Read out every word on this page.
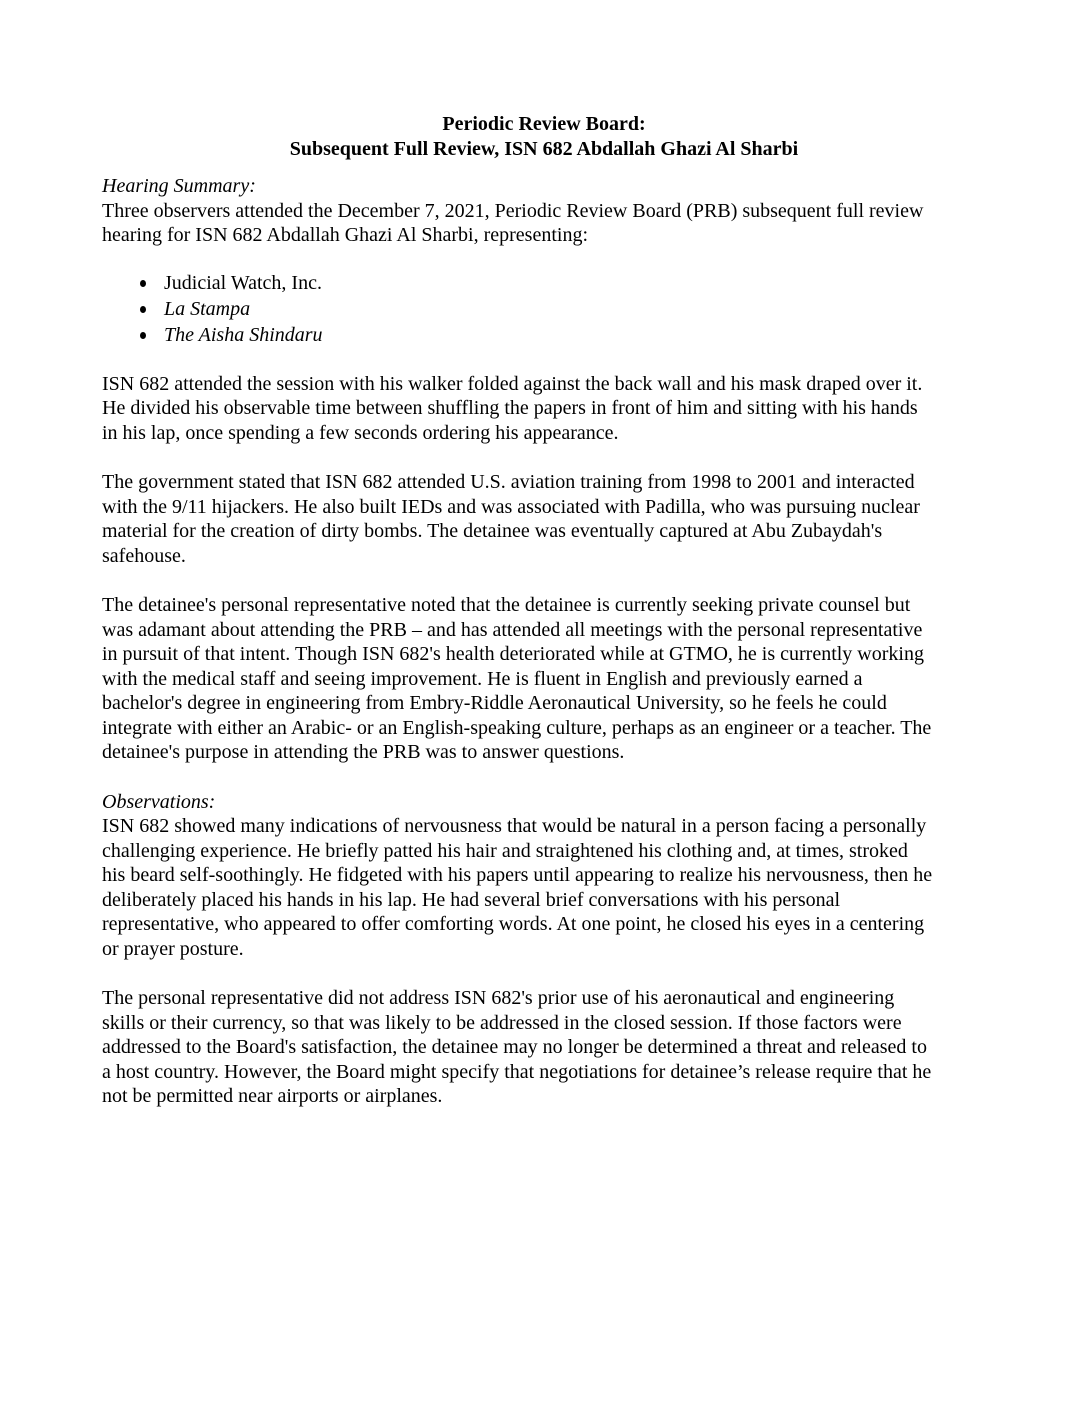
Periodic Review Board:
Subsequent Full Review, ISN 682 Abdallah Ghazi Al Sharbi
Hearing Summary:
Three observers attended the December 7, 2021, Periodic Review Board (PRB) subsequent full review
hearing for ISN 682 Abdallah Ghazi Al Sharbi, representing:
Judicial Watch, Inc.
La Stampa
The Aisha Shindaru
ISN 682 attended the session with his walker folded against the back wall and his mask draped over it.
He divided his observable time between shuffling the papers in front of him and sitting with his hands
in his lap, once spending a few seconds ordering his appearance.
The government stated that ISN 682 attended U.S. aviation training from 1998 to 2001 and interacted
with the 9/11 hijackers. He also built IEDs and was associated with Padilla, who was pursuing nuclear
material for the creation of dirty bombs. The detainee was eventually captured at Abu Zubaydah's
safehouse.
The detainee's personal representative noted that the detainee is currently seeking private counsel but
was adamant about attending the PRB – and has attended all meetings with the personal representative
in pursuit of that intent. Though ISN 682's health deteriorated while at GTMO, he is currently working
with the medical staff and seeing improvement. He is fluent in English and previously earned a
bachelor's degree in engineering from Embry-Riddle Aeronautical University, so he feels he could
integrate with either an Arabic- or an English-speaking culture, perhaps as an engineer or a teacher. The
detainee's purpose in attending the PRB was to answer questions.
Observations:
ISN 682 showed many indications of nervousness that would be natural in a person facing a personally
challenging experience. He briefly patted his hair and straightened his clothing and, at times, stroked
his beard self-soothingly. He fidgeted with his papers until appearing to realize his nervousness, then he
deliberately placed his hands in his lap. He had several brief conversations with his personal
representative, who appeared to offer comforting words. At one point, he closed his eyes in a centering
or prayer posture.
The personal representative did not address ISN 682's prior use of his aeronautical and engineering
skills or their currency, so that was likely to be addressed in the closed session. If those factors were
addressed to the Board's satisfaction, the detainee may no longer be determined a threat and released to
a host country. However, the Board might specify that negotiations for detainee’s release require that he
not be permitted near airports or airplanes.
